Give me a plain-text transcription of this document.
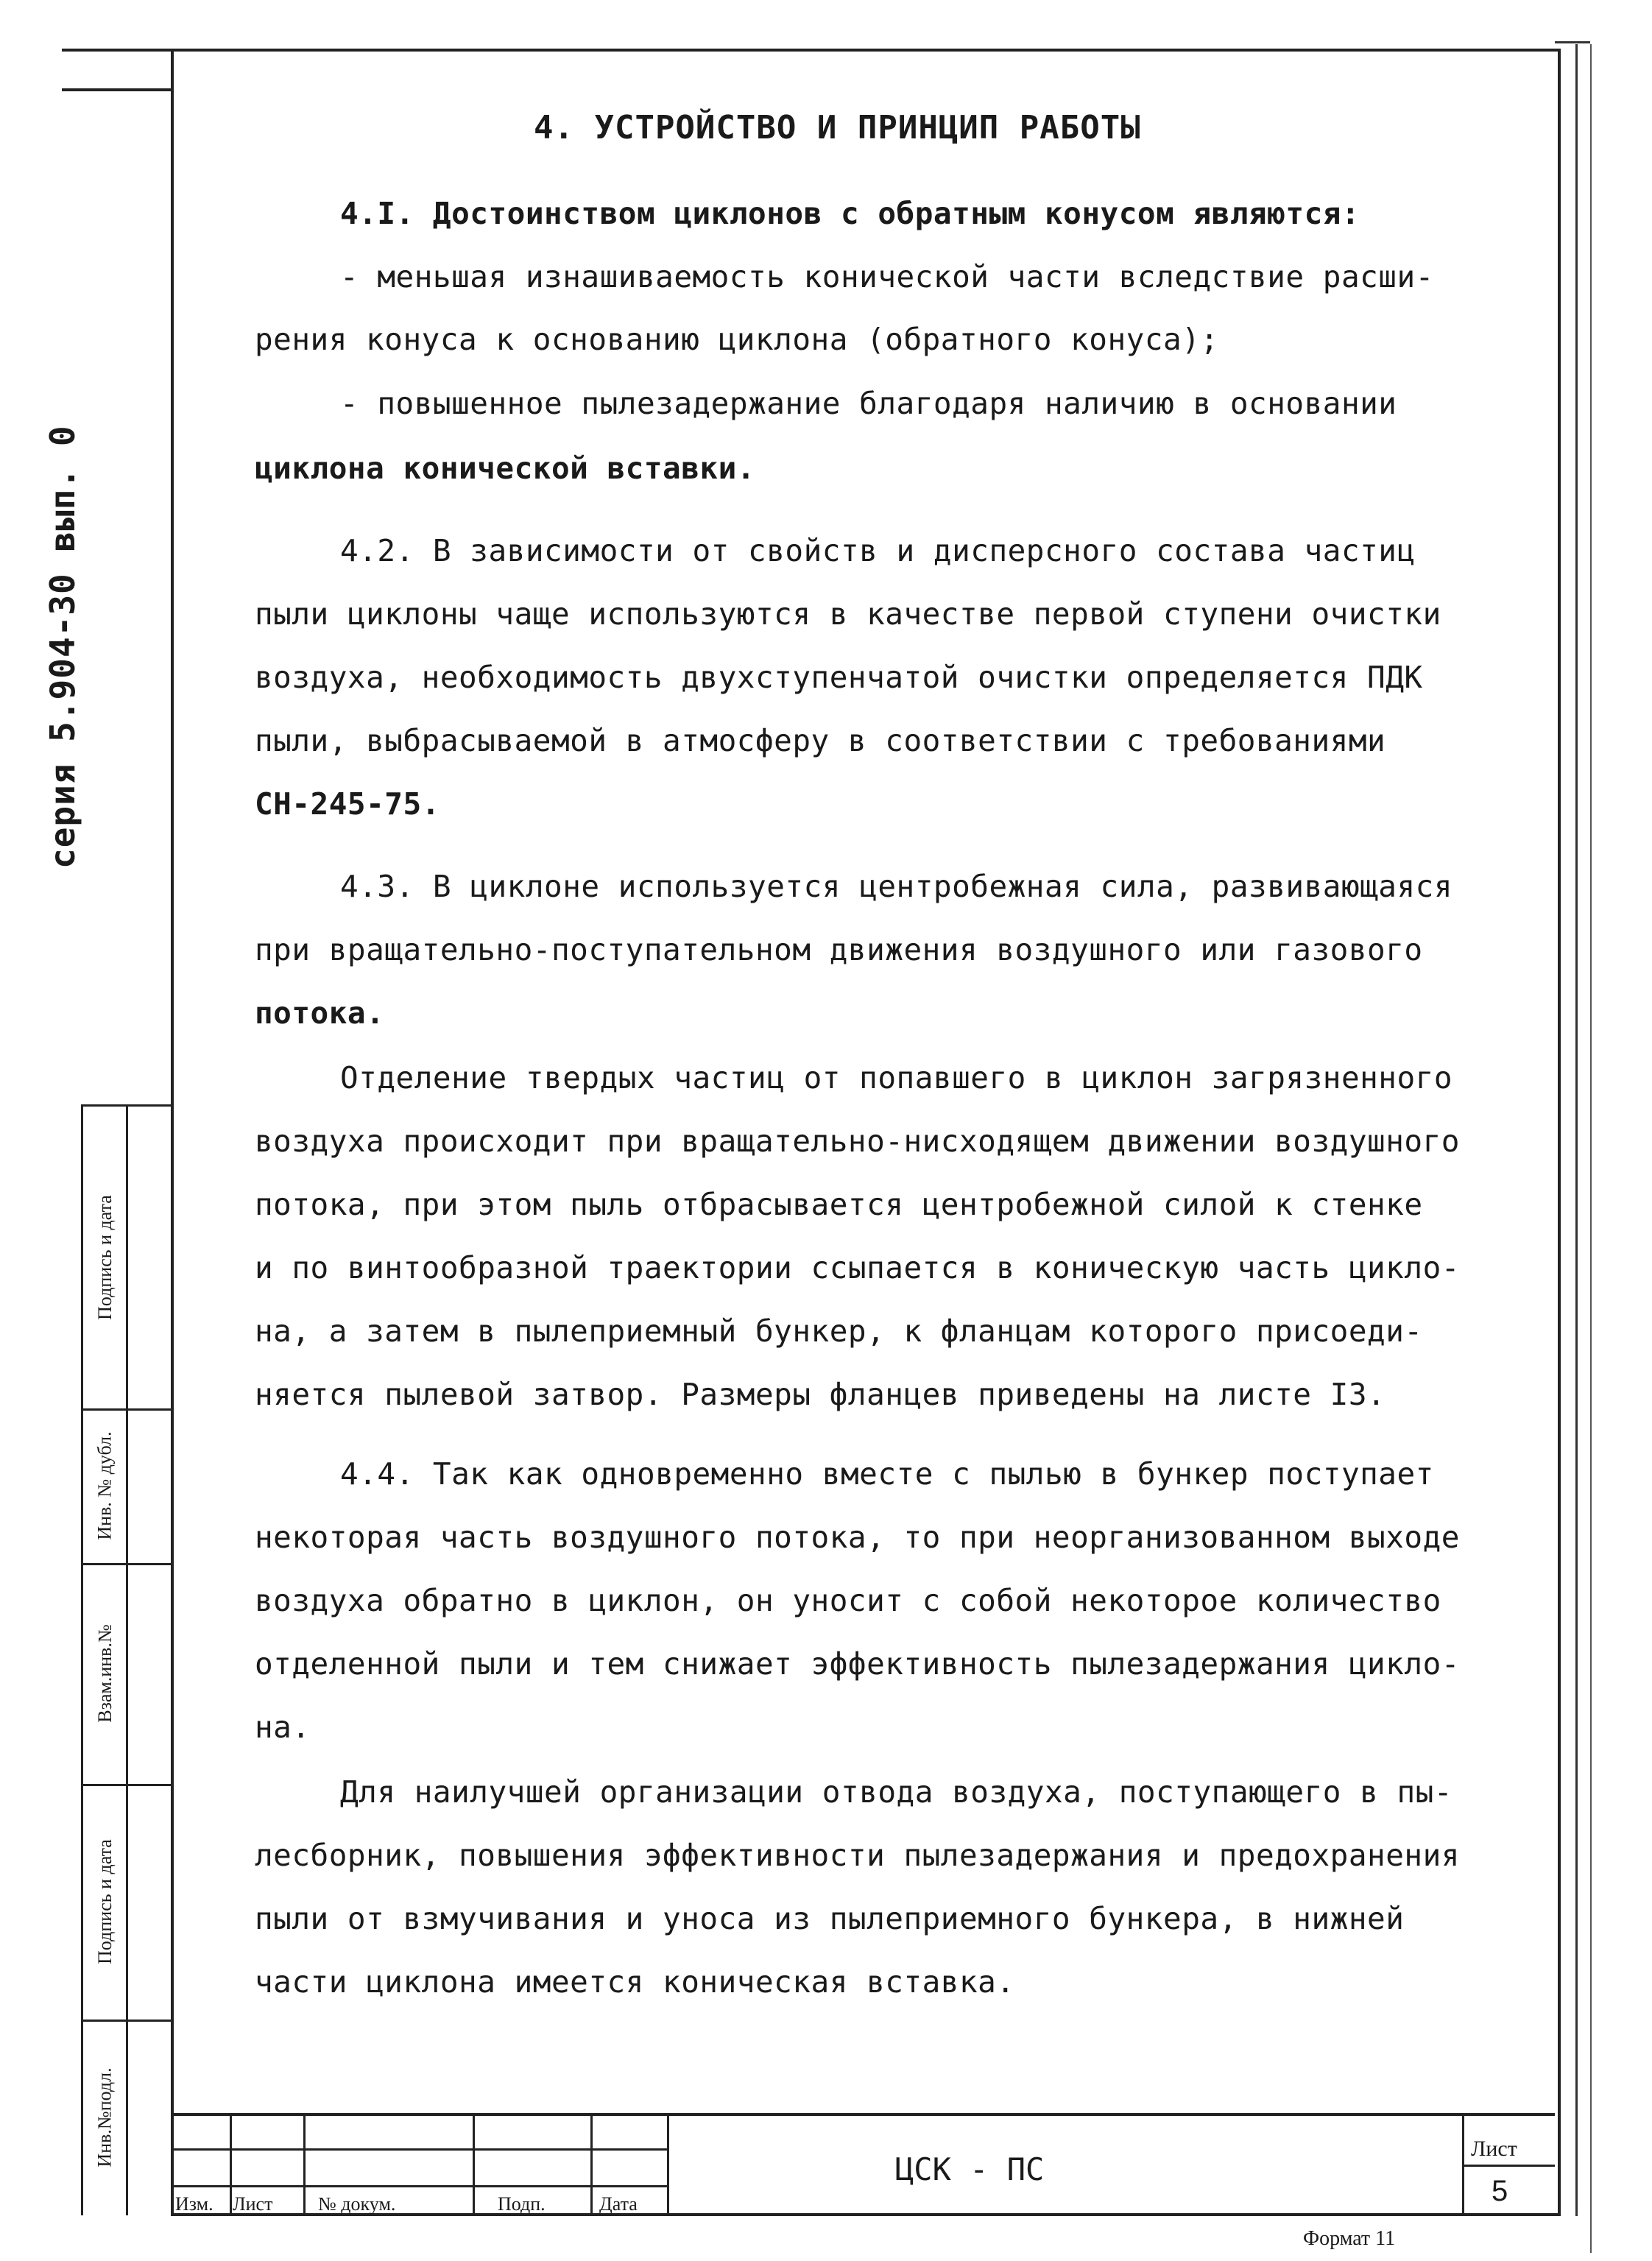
серия 5.904-30 вып. 0
Инв.№подл.
Подпись и дата
Взам.инв.№
Инв. № дубл.
Подпись и дата
4. УСТРОЙСТВО И ПРИНЦИП РАБОТЫ
4.I. Достоинством циклонов с обратным конусом являются:
- меньшая изнашиваемость конической части вследствие расши-
рения конуса к основанию циклона (обратного конуса);
- повышенное пылезадержание благодаря наличию в основании
циклона конической вставки.
4.2. В зависимости от свойств и дисперсного состава частиц
пыли циклоны чаще используются в качестве первой ступени очистки
воздуха, необходимость двухступенчатой очистки определяется ПДК
пыли, выбрасываемой в атмосферу в соответствии с требованиями
СН-245-75.
4.3. В циклоне используется центробежная сила, развивающаяся
при вращательно-поступательном движения воздушного или газового
потока.
Отделение твердых частиц от попавшего в циклон загрязненного
воздуха происходит при вращательно-нисходящем движении воздушного
потока, при этом пыль отбрасывается центробежной силой к стенке
и по винтообразной траектории ссыпается в коническую часть цикло-
на, а затем в пылеприемный бункер, к фланцам которого присоеди-
няется пылевой затвор. Размеры фланцев приведены на листе I3.
4.4. Так как одновременно вместе с пылью в бункер поступает
некоторая часть воздушного потока, то при неорганизованном выходе
воздуха обратно в циклон, он уносит с собой некоторое количество
отделенной пыли и тем снижает эффективность пылезадержания цикло-
на.
Для наилучшей организации отвода воздуха, поступающего в пы-
лесборник, повышения эффективности пылезадержания и предохранения
пыли от взмучивания и уноса из пылеприемного бункера, в нижней
части циклона имеется коническая вставка.
Изм. Лист № докум.	Подп.	Дата
ЦСК - ПС
Лист
5
Формат 11
